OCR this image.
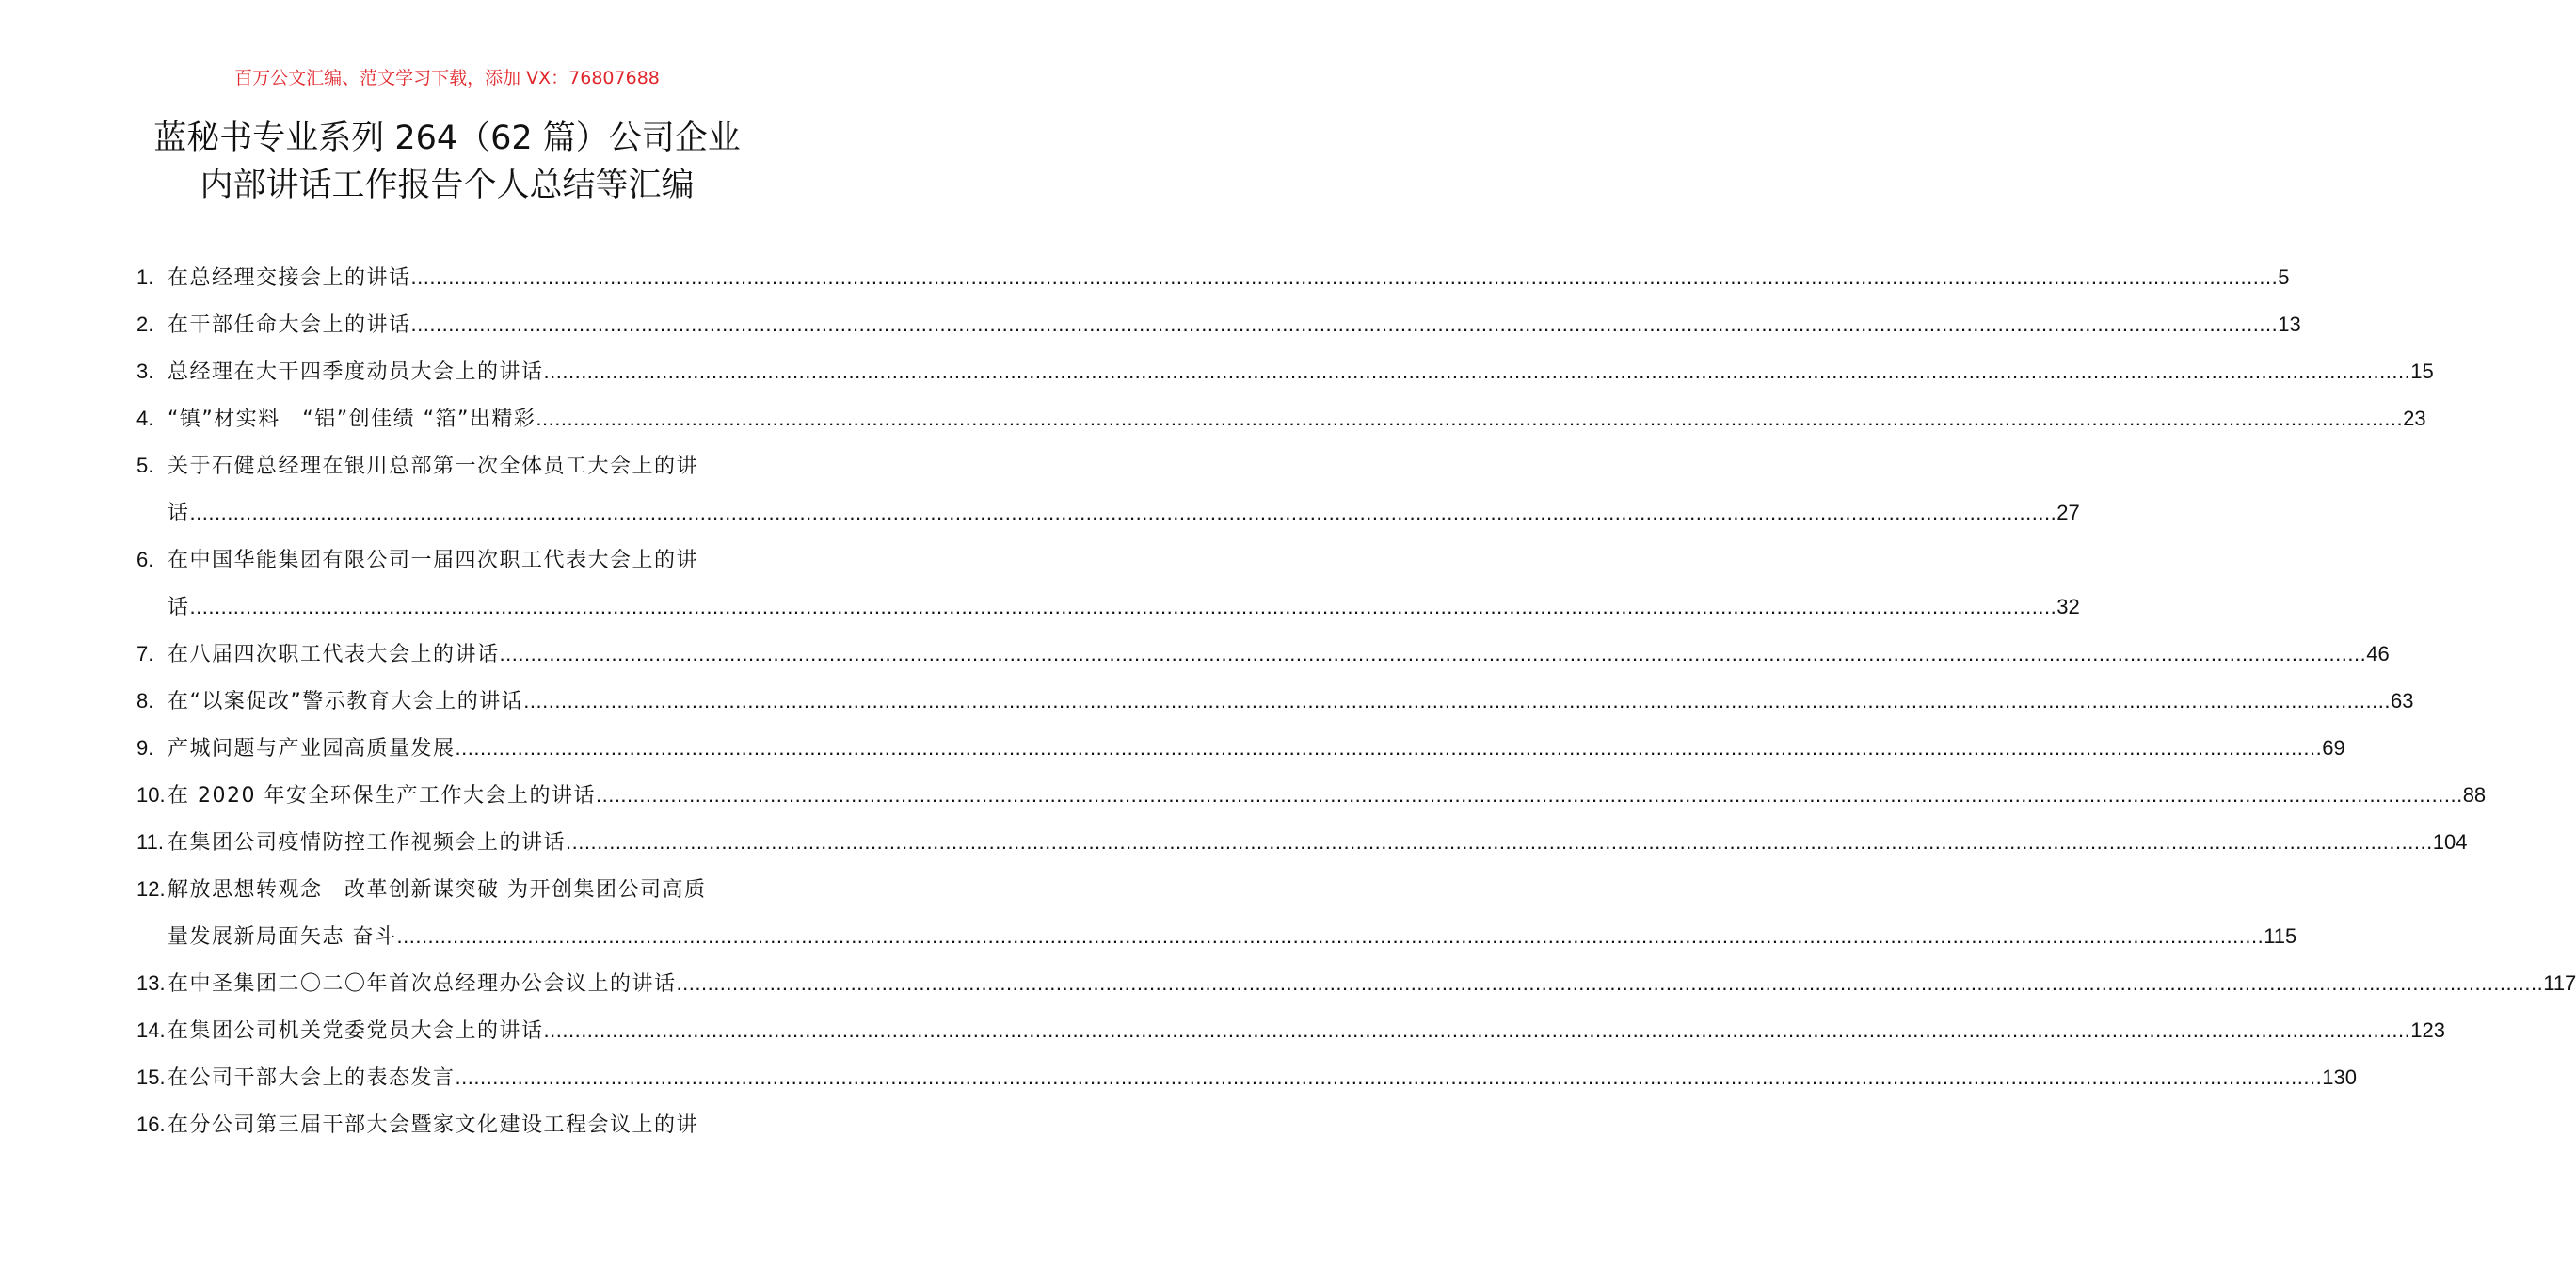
百万公文汇编、范文学习下载，添加 VX：76807688
蓝秘书专业系列 264（62 篇）公司企业
内部讲话工作报告个人总结等汇编
1. 在总经理交接会上的讲话 ............................................................................................................................................................................................................................................................................................................ 5
2. 在干部任命大会上的讲话 ............................................................................................................................................................................................................................................................................................................ 13
3. 总经理在大干四季度动员大会上的讲话 ............................................................................................................................................................................................................................................................................................................ 15
4. “镇”材实料　“铝”创佳绩 “箔”出精彩 ............................................................................................................................................................................................................................................................................................................ 23
5. 关于石健总经理在银川总部第一次全体员工大会上的讲
话 ............................................................................................................................................................................................................................................................................................................ 27
6. 在中国华能集团有限公司一届四次职工代表大会上的讲
话 ............................................................................................................................................................................................................................................................................................................ 32
7. 在八届四次职工代表大会上的讲话 ............................................................................................................................................................................................................................................................................................................ 46
8. 在“以案促改”警示教育大会上的讲话 ............................................................................................................................................................................................................................................................................................................ 63
9. 产城问题与产业园高质量发展 ............................................................................................................................................................................................................................................................................................................ 69
10. 在 2020 年安全环保生产工作大会上的讲话 ............................................................................................................................................................................................................................................................................................................ 88
11. 在集团公司疫情防控工作视频会上的讲话 ............................................................................................................................................................................................................................................................................................................ 104
12. 解放思想转观念　改革创新谋突破 为开创集团公司高质
量发展新局面矢志 奋斗 ............................................................................................................................................................................................................................................................................................................ 115
13. 在中圣集团二〇二〇年首次总经理办公会议上的讲话 ............................................................................................................................................................................................................................................................................................................ 117
14. 在集团公司机关党委党员大会上的讲话 ............................................................................................................................................................................................................................................................................................................ 123
15. 在公司干部大会上的表态发言 ............................................................................................................................................................................................................................................................................................................ 130
16. 在分公司第三届干部大会暨家文化建设工程会议上的讲
